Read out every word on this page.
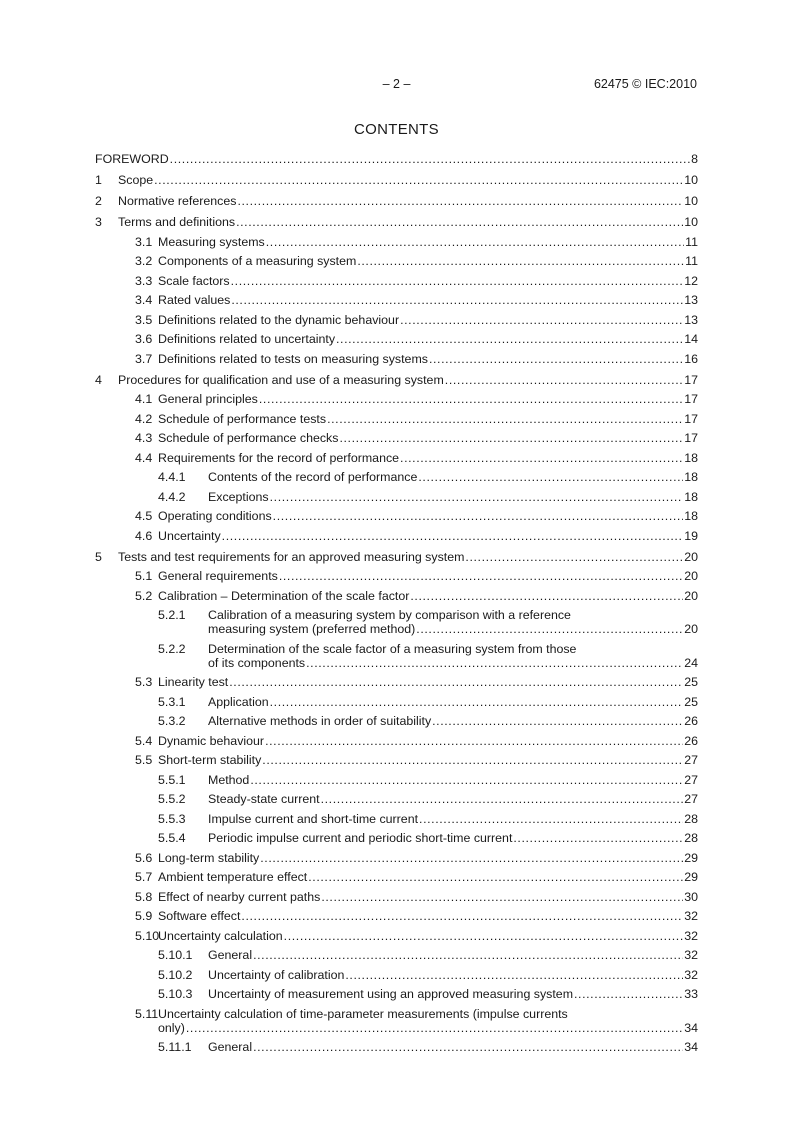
– 2 –	62475 © IEC:2010
CONTENTS
FOREWORD .....	8
1 Scope .....	10
2 Normative references .....	10
3 Terms and definitions .....	10
3.1 Measuring systems .....	11
3.2 Components of a measuring system .....	11
3.3 Scale factors .....	12
3.4 Rated values .....	13
3.5 Definitions related to the dynamic behaviour .....	13
3.6 Definitions related to uncertainty .....	14
3.7 Definitions related to tests on measuring systems .....	16
4 Procedures for qualification and use of a measuring system .....	17
4.1 General principles .....	17
4.2 Schedule of performance tests .....	17
4.3 Schedule of performance checks .....	17
4.4 Requirements for the record of performance .....	18
4.4.1 Contents of the record of performance .....	18
4.4.2 Exceptions .....	18
4.5 Operating conditions .....	18
4.6 Uncertainty .....	19
5 Tests and test requirements for an approved measuring system .....	20
5.1 General requirements .....	20
5.2 Calibration – Determination of the scale factor .....	20
5.2.1 Calibration of a measuring system by comparison with a reference
measuring system (preferred method) .....	20
5.2.2 Determination of the scale factor of a measuring system from those
of its components .....	24
5.3 Linearity test .....	25
5.3.1 Application .....	25
5.3.2 Alternative methods in order of suitability .....	26
5.4 Dynamic behaviour .....	26
5.5 Short-term stability .....	27
5.5.1 Method .....	27
5.5.2 Steady-state current .....	27
5.5.3 Impulse current and short-time current .....	28
5.5.4 Periodic impulse current and periodic short-time current .....	28
5.6 Long-term stability .....	29
5.7 Ambient temperature effect .....	29
5.8 Effect of nearby current paths .....	30
5.9 Software effect .....	32
5.10
Uncertainty calculation .....	32
5.10.1 General .....	32
5.10.2 Uncertainty of calibration .....	32
5.10.3 Uncertainty of measurement using an approved measuring system .....	33
5.11 Uncertainty calculation of time-parameter measurements (impulse currents
only) .....	34
5.11.1 General .....	34
